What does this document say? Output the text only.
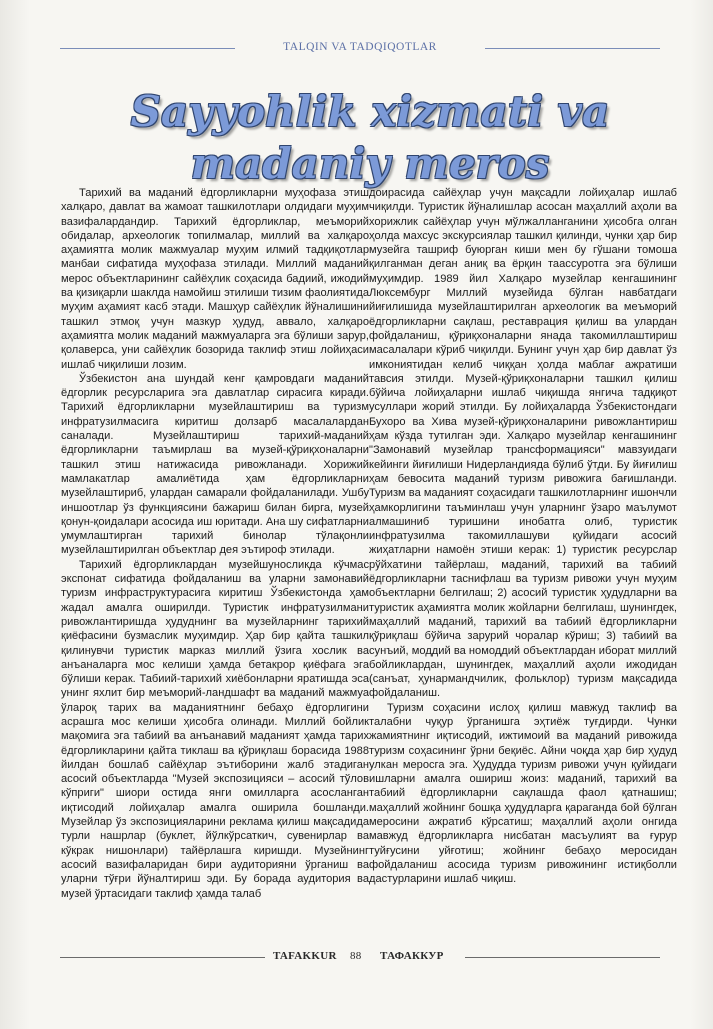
TALQIN VA TADQIQOTLAR
Sayyohlik xizmati va
madaniy meros

Тарихий ва маданий ёдгорликларни муҳофаза этиш халқаро, давлат ва жамоат ташкилотлари олдидаги муҳим вазифалардандир. Тарихий ёдгорликлар, меъморий обидалар, археологик топилмалар, миллий ва халқаро аҳамиятга молик мажмуалар муҳим илмий тадқиқотлар манбаи сифатида муҳофаза этилади. Миллий маданий мерос объектларининг сайёҳлик соҳасида бадиий, ижодий ва қизиқарли шаклда намойиш этилиши тизим фаолиятида муҳим аҳамият касб этади. Машҳур сайёҳлик йўналишини ташкил этмоқ учун мазкур ҳудуд, аввало, халқаро аҳамиятга молик маданий мажмуаларга эга бўлиши зарур, қолаверса, уни сайёҳлик бозорида таклиф этиш лойиҳаси ишлаб чиқилиши лозим.

Ўзбекистон ана шундай кенг қамровдаги маданий ёдгорлик ресурсларига эга давлатлар сирасига киради. Тарихий ёдгорликларни музейлаштириш ва туризм инфратузилмасига киритиш долзарб масалалардан саналади. Музейлаштириш тарихий-маданий ёдгорликларни таъмирлаш ва музей-қўриқхоналарни ташкил этиш натижасида ривожланади. Хорижий мамлакатлар амалиётида ҳам ёдгорликларни музейлаштириб, улардан самарали фойдаланилади. Ушбу иншоотлар ўз функциясини бажариш билан бирга, музей қонун-қоидалари асосида иш юритади. Ана шу сифатларни умумлаштирган тарихий бинолар тўлақонли музейлаштирилган объектлар дея эътироф этилади.

Тарихий ёдгорликлардан музейшуносликда кўчмас экспонат сифатида фойдаланиш ва уларни замонавий туризм инфраструктурасига киритиш Ўзбекистонда ҳам жадал амалга оширилди. Туристик инфратузилмани ривожлантиришда ҳудуднинг ва музейларнинг тарихий қиёфасини бузмаслик муҳимдир. Ҳар бир қайта ташкил қилинувчи туристик марказ миллий ўзига хослик ва анъаналарга мос келиши ҳамда бетакрор қиёфага эга бўлиши керак. Табиий-тарихий хиёбонларни яратишда эса унинг яхлит бир меъморий-ландшафт ва маданий мажмуа ўлароқ тарих ва маданиятнинг бебаҳо ёдгорлигини асрашга мос келиши ҳисобга олинади. Миллий бойлик мақомига эга табиий ва анъанавий маданият ҳамда тарих ёдгорликларини қайта тиклаш ва қўриқлаш борасида 1988 йилдан бошлаб сайёҳлар эътиборини жалб этадиган асосий объектларда "Музей экспозицияси – асосий тўлов кўприги" шиори остида янги омилларга асосланган иқтисодий лойиҳалар амалга оширила бошланди. Музейлар ўз экспозицияларини реклама қилиш мақсадида турли нашрлар (буклет, йўлкўрсаткич, сувенирлар ва кўкрак нишонлари) тайёрлашга киришди. Музейнинг асосий вазифаларидан бири аудиторияни ўрганиш ва уларни тўғри йўналтириш эди. Бу борада аудитория ва музей ўртасидаги таклиф ҳамда талаб

доирасида сайёҳлар учун мақсадли лойиҳалар ишлаб чиқилди. Туристик йўналишлар асосан маҳаллий аҳоли ва хорижлик сайёҳлар учун мўлжалланганини ҳисобга олган ҳолда махсус экскурсиялар ташкил қилинди, чунки ҳар бир музейга ташриф буюрган киши мен бу гўшани томоша қилганман деган аниқ ва ёрқин таассуротга эга бўлиши муҳимдир. 1989 йил Халқаро музейлар кенгашининг Люксембург Миллий музейида бўлган навбатдаги йиғилишида музейлаштирилган археологик ва меъморий ёдгорликларни сақлаш, реставрация қилиш ва улардан фойдаланиш, қўриқхоналарни янада такомиллаштириш масалалари кўриб чиқилди. Бунинг учун ҳар бир давлат ўз имкониятидан келиб чиққан ҳолда маблағ ажратиши тавсия этилди. Музей-қўриқхоналарни ташкил қилиш бўйича лойиҳаларни ишлаб чиқишда янгича тадқиқот усуллари жорий этилди. Бу лойиҳаларда Ўзбекистондаги Бухоро ва Хива музей-қўриқхоналарини ривожлантириш ҳам кўзда тутилган эди. Халқаро музейлар кенгашининг "Замонавий музейлар трансформацияси" мавзуидаги кейинги йиғилиши Нидерландияда бўлиб ўтди. Бу йиғилиш ҳам бевосита маданий туризм ривожига бағишланди. Туризм ва маданият соҳасидаги ташкилотларнинг ишончли ҳамкорлигини таъминлаш учун уларнинг ўзаро маълумот алмашиниб туришини инобатга олиб, туристик инфратузилма такомиллашуви қуйидаги асосий жиҳатларни намоён этиши керак: 1) туристик ресурслар рўйхатини тайёрлаш, маданий, тарихий ва табиий ёдгорликларни таснифлаш ва туризм ривожи учун муҳим объектларни белгилаш; 2) асосий туристик ҳудудларни ва туристик аҳамиятга молик жойларни белгилаш, шунингдек, маҳаллий маданий, тарихий ва табиий ёдгорликларни қўриқлаш бўйича зарурий чоралар кўриш; 3) табиий ва сунъий, моддий ва номоддий объектлардан иборат миллий бойликлардан, шунингдек, маҳаллий аҳоли ижодидан (санъат, ҳунармандчилик, фольклор) туризм мақсадида фойдаланиш.

Туризм соҳасини ислоҳ қилиш мавжуд таклиф ва талабни чуқур ўрганишга эҳтиёж туғдирди. Чунки жамиятнинг иқтисодий, ижтимоий ва маданий ривожида туризм соҳасининг ўрни беқиёс. Айни чоқда ҳар бир ҳудуд улкан меросга эга. Ҳудудда туризм ривожи учун қуйидаги ишларни амалга ошириш жоиз: маданий, тарихий ва табиий ёдгорликларни сақлашда фаол қатнашиш; маҳаллий жойнинг бошқа ҳудудларга қараганда бой бўлган меросини ажратиб кўрсатиш; маҳаллий аҳоли онгида мавжуд ёдгорликларга нисбатан масъулият ва ғурур туйғусини уйғотиш; жойнинг бебаҳо меросидан фойдаланиш асосида туризм ривожининг истиқболли дастурларини ишлаб чиқиш.

TAFAKKUR 88 ТАФАККУР
